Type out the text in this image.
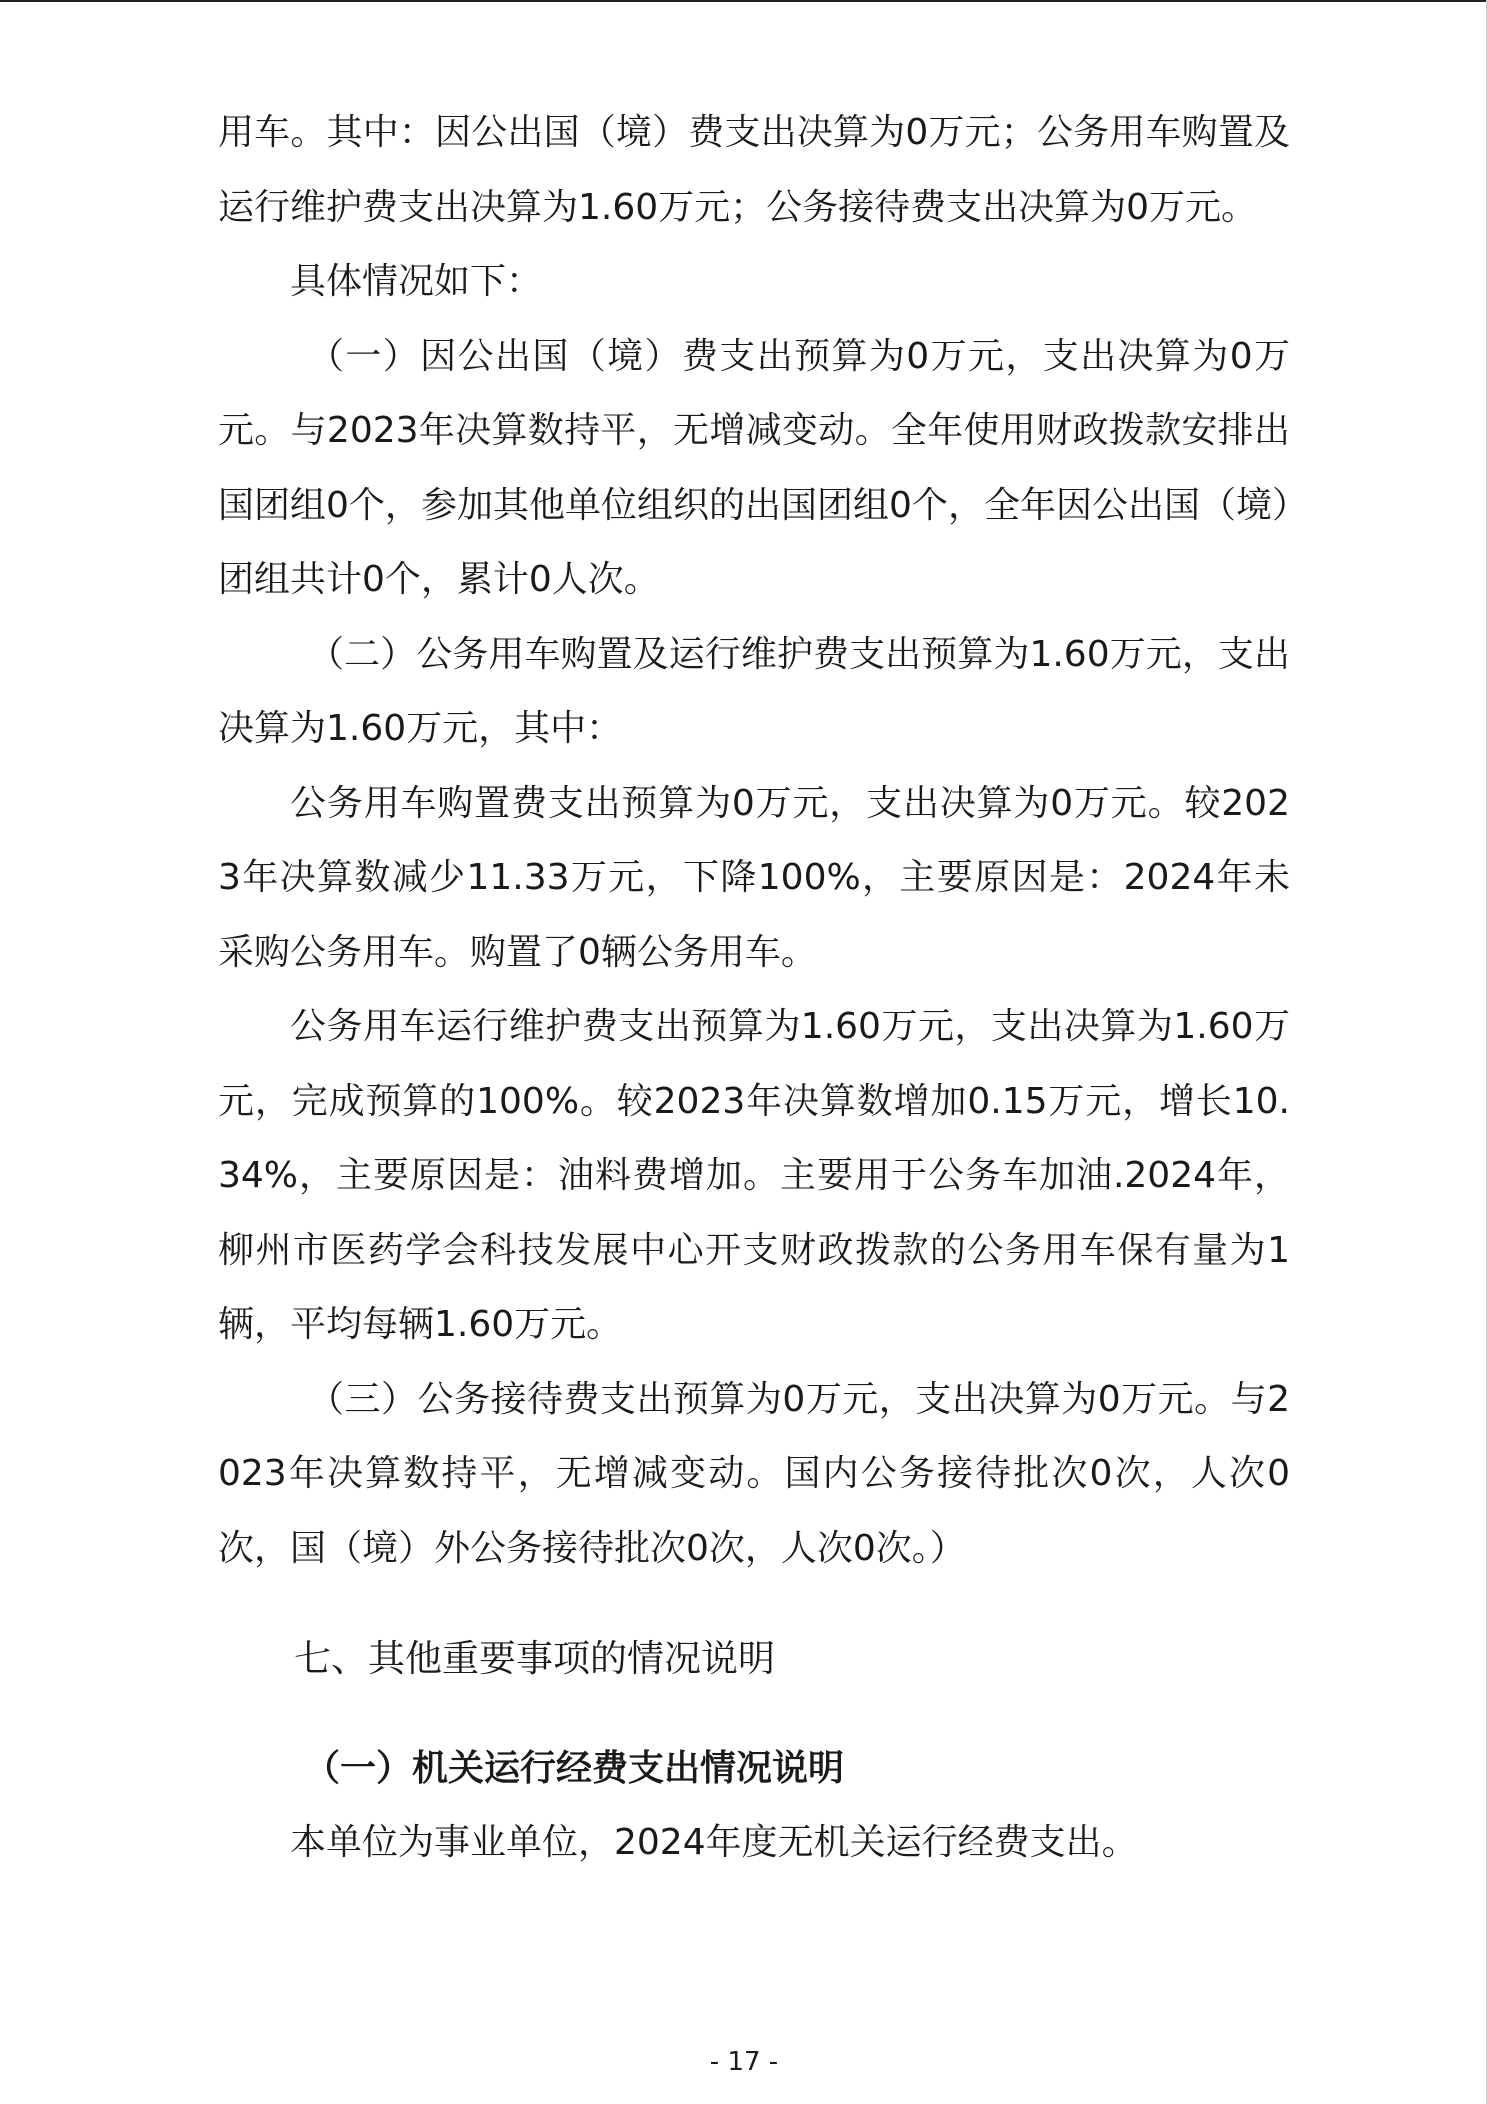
用车。其中：因公出国（境）费支出决算为0万元；公务用车购置及运行维护费支出决算为1.60万元；公务接待费支出决算为0万元。

具体情况如下：

（一）因公出国（境）费支出预算为0万元，支出决算为0万元。与2023年决算数持平，无增减变动。全年使用财政拨款安排出国团组0个，参加其他单位组织的出国团组0个，全年因公出国（境）团组共计0个，累计0人次。

（二）公务用车购置及运行维护费支出预算为1.60万元，支出决算为1.60万元，其中：

公务用车购置费支出预算为0万元，支出决算为0万元。较2023年决算数减少11.33万元，下降100%，主要原因是：2024年未采购公务用车。购置了0辆公务用车。

公务用车运行维护费支出预算为1.60万元，支出决算为1.60万元，完成预算的100%。较2023年决算数增加0.15万元，增长10.34%，主要原因是：油料费增加。主要用于公务车加油.2024年，柳州市医药学会科技发展中心开支财政拨款的公务用车保有量为1辆，平均每辆1.60万元。

（三）公务接待费支出预算为0万元，支出决算为0万元。与2023年决算数持平，无增减变动。国内公务接待批次0次，人次0次，国（境）外公务接待批次0次，人次0次。）

七、其他重要事项的情况说明
（一）机关运行经费支出情况说明

本单位为事业单位，2024年度无机关运行经费支出。

- 17 -
